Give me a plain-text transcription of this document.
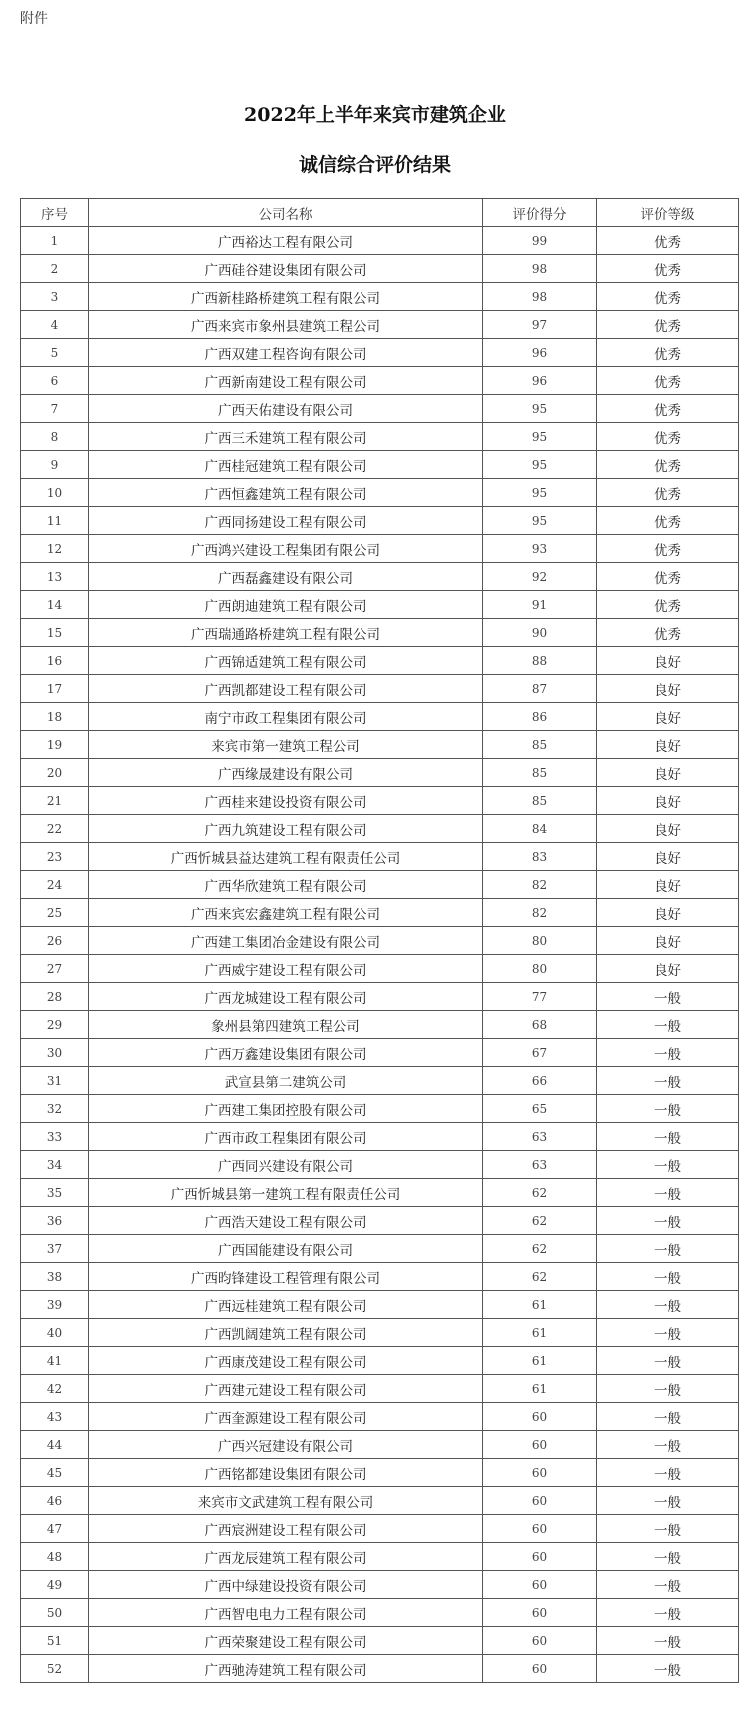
附件
2022年上半年来宾市建筑企业
诚信综合评价结果
序号	公司名称	评价得分	评价等级
1	广西裕达工程有限公司	99	优秀
2	广西硅谷建设集团有限公司	98	优秀
3	广西新桂路桥建筑工程有限公司	98	优秀
4	广西来宾市象州县建筑工程公司	97	优秀
5	广西双建工程咨询有限公司	96	优秀
6	广西新南建设工程有限公司	96	优秀
7	广西天佑建设有限公司	95	优秀
8	广西三禾建筑工程有限公司	95	优秀
9	广西桂冠建筑工程有限公司	95	优秀
10	广西恒鑫建筑工程有限公司	95	优秀
11	广西同扬建设工程有限公司	95	优秀
12	广西鸿兴建设工程集团有限公司	93	优秀
13	广西磊鑫建设有限公司	92	优秀
14	广西朗迪建筑工程有限公司	91	优秀
15	广西瑞通路桥建筑工程有限公司	90	优秀
16	广西锦适建筑工程有限公司	88	良好
17	广西凯都建设工程有限公司	87	良好
18	南宁市政工程集团有限公司	86	良好
19	来宾市第一建筑工程公司	85	良好
20	广西缘晟建设有限公司	85	良好
21	广西桂来建设投资有限公司	85	良好
22	广西九筑建设工程有限公司	84	良好
23	广西忻城县益达建筑工程有限责任公司	83	良好
24	广西华欣建筑工程有限公司	82	良好
25	广西来宾宏鑫建筑工程有限公司	82	良好
26	广西建工集团冶金建设有限公司	80	良好
27	广西威宇建设工程有限公司	80	良好
28	广西龙城建设工程有限公司	77	一般
29	象州县第四建筑工程公司	68	一般
30	广西万鑫建设集团有限公司	67	一般
31	武宣县第二建筑公司	66	一般
32	广西建工集团控股有限公司	65	一般
33	广西市政工程集团有限公司	63	一般
34	广西同兴建设有限公司	63	一般
35	广西忻城县第一建筑工程有限责任公司	62	一般
36	广西浩天建设工程有限公司	62	一般
37	广西国能建设有限公司	62	一般
38	广西昀锋建设工程管理有限公司	62	一般
39	广西远桂建筑工程有限公司	61	一般
40	广西凯阔建筑工程有限公司	61	一般
41	广西康茂建设工程有限公司	61	一般
42	广西建元建设工程有限公司	61	一般
43	广西奎源建设工程有限公司	60	一般
44	广西兴冠建设有限公司	60	一般
45	广西铭都建设集团有限公司	60	一般
46	来宾市文武建筑工程有限公司	60	一般
47	广西宸洲建设工程有限公司	60	一般
48	广西龙辰建筑工程有限公司	60	一般
49	广西中绿建设投资有限公司	60	一般
50	广西智电电力工程有限公司	60	一般
51	广西荣聚建设工程有限公司	60	一般
52	广西驰涛建筑工程有限公司	60	一般
